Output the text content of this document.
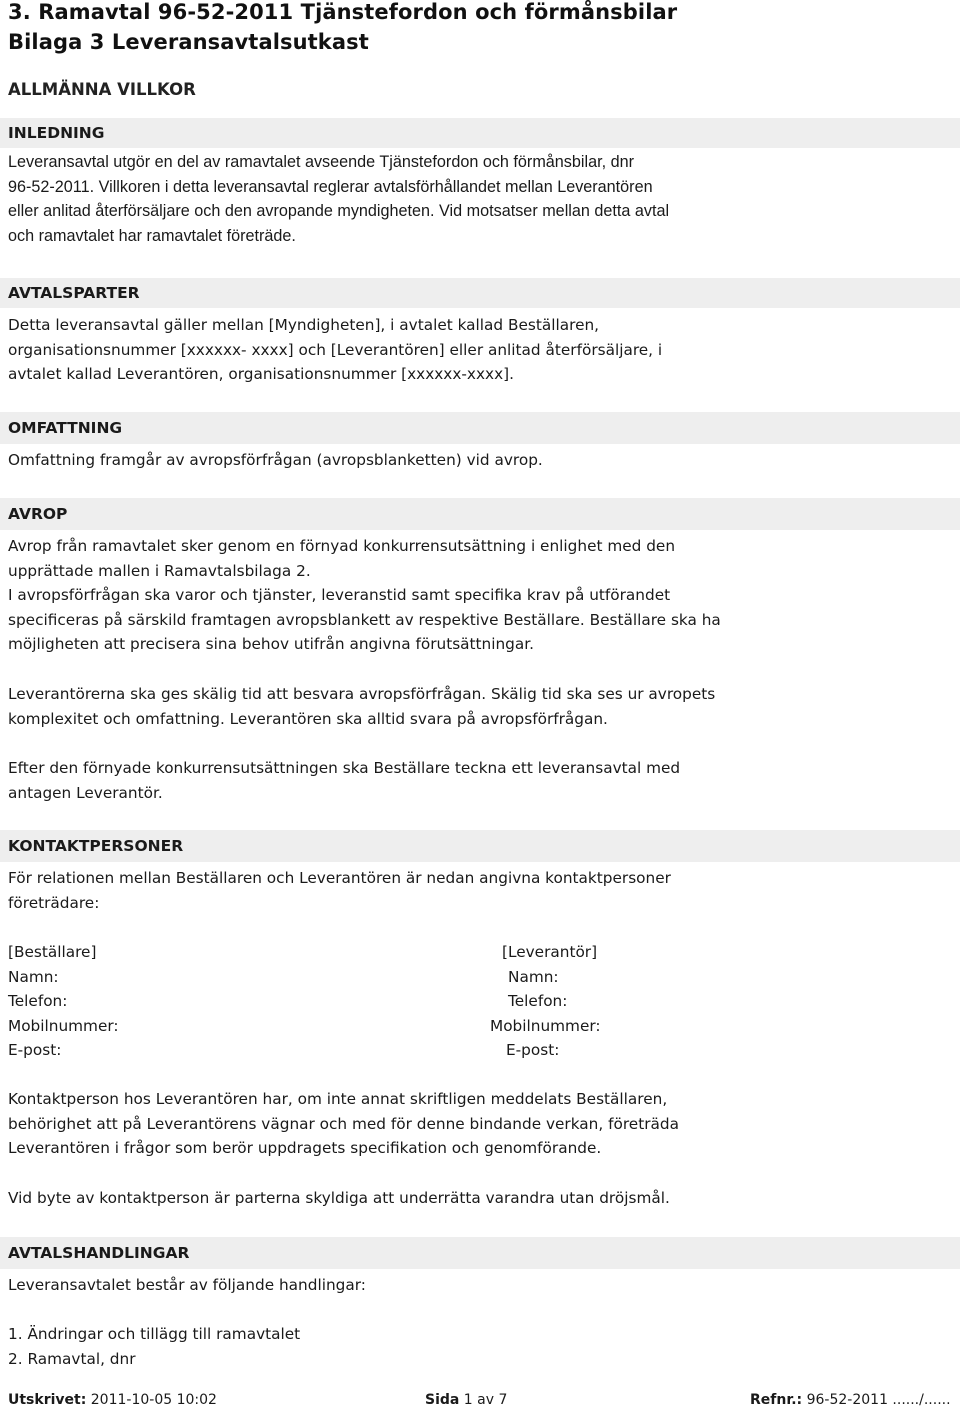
3. Ramavtal 96-52-2011 Tjänstefordon och förmånsbilar
Bilaga 3 Leveransavtalsutkast
ALLMÄNNA VILLKOR
INLEDNING
Leveransavtal utgör en del av ramavtalet avseende Tjänstefordon och förmånsbilar, dnr
96-52-2011. Villkoren i detta leveransavtal reglerar avtalsförhållandet mellan Leverantören
eller anlitad återförsäljare och den avropande myndigheten. Vid motsatser mellan detta avtal
och ramavtalet har ramavtalet företräde.
AVTALSPARTER
Detta leveransavtal gäller mellan [Myndigheten], i avtalet kallad Beställaren,
organisationsnummer [xxxxxx- xxxx] och [Leverantören] eller anlitad återförsäljare, i
avtalet kallad Leverantören, organisationsnummer [xxxxxx-xxxx].
OMFATTNING
Omfattning framgår av avropsförfrågan (avropsblanketten) vid avrop.
AVROP
Avrop från ramavtalet sker genom en förnyad konkurrensutsättning i enlighet med den
upprättade mallen i Ramavtalsbilaga 2.
I avropsförfrågan ska varor och tjänster, leveranstid samt specifika krav på utförandet
specificeras på särskild framtagen avropsblankett av respektive Beställare. Beställare ska ha
möjligheten att precisera sina behov utifrån angivna förutsättningar.
Leverantörerna ska ges skälig tid att besvara avropsförfrågan. Skälig tid ska ses ur avropets
komplexitet och omfattning. Leverantören ska alltid svara på avropsförfrågan.
Efter den förnyade konkurrensutsättningen ska Beställare teckna ett leveransavtal med
antagen Leverantör.
KONTAKTPERSONER
För relationen mellan Beställaren och Leverantören är nedan angivna kontaktpersoner
företrädare:
[Beställare]
Namn:
Telefon:
Mobilnummer:
E-post:
[Leverantör]
Namn:
Telefon:
Mobilnummer:
E-post:
Kontaktperson hos Leverantören har, om inte annat skriftligen meddelats Beställaren,
behörighet att på Leverantörens vägnar och med för denne bindande verkan, företräda
Leverantören i frågor som berör uppdragets specifikation och genomförande.
Vid byte av kontaktperson är parterna skyldiga att underrätta varandra utan dröjsmål.
AVTALSHANDLINGAR
Leveransavtalet består av följande handlingar:
1. Ändringar och tillägg till ramavtalet
2. Ramavtal, dnr
Utskrivet: 2011-10-05 10:02	Sida 1 av 7	Refnr.: 96-52-2011 ....../......
